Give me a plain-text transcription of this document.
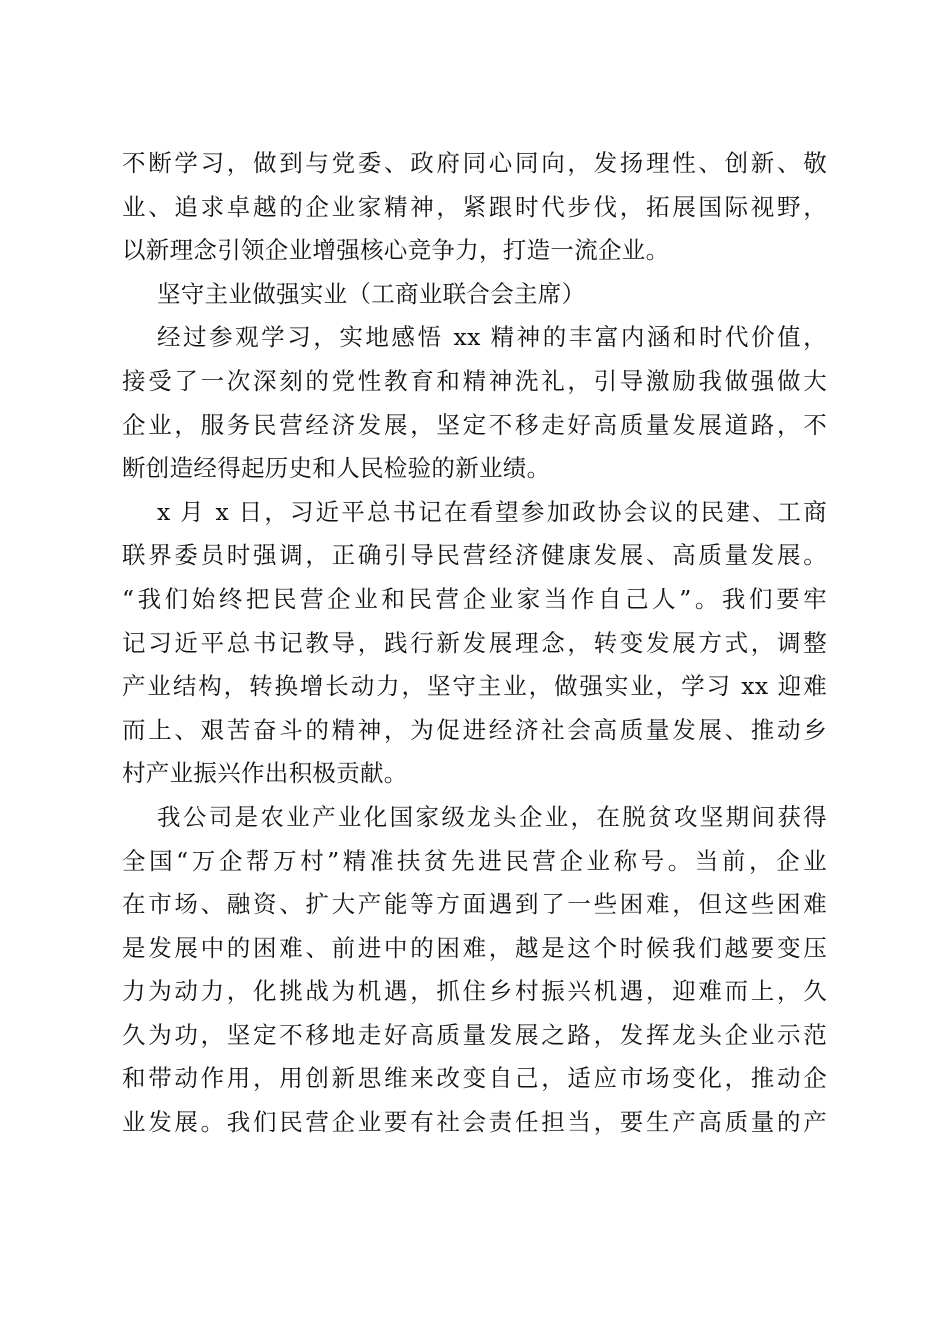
不断学习，做到与党委、政府同心同向，发扬理性、创新、敬
业、追求卓越的企业家精神，紧跟时代步伐，拓展国际视野，
以新理念引领企业增强核心竞争力，打造一流企业。
坚守主业做强实业（工商业联合会主席）
经过参观学习，实地感悟 xx 精神的丰富内涵和时代价值，
接受了一次深刻的党性教育和精神洗礼，引导激励我做强做大
企业，服务民营经济发展，坚定不移走好高质量发展道路，不
断创造经得起历史和人民检验的新业绩。
x 月 x 日，习近平总书记在看望参加政协会议的民建、工商
联界委员时强调，正确引导民营经济健康发展、高质量发展。
“我们始终把民营企业和民营企业家当作自己人”。我们要牢
记习近平总书记教导，践行新发展理念，转变发展方式，调整
产业结构，转换增长动力，坚守主业，做强实业，学习 xx 迎难
而上、艰苦奋斗的精神，为促进经济社会高质量发展、推动乡
村产业振兴作出积极贡献。
我公司是农业产业化国家级龙头企业，在脱贫攻坚期间获得
全国“万企帮万村”精准扶贫先进民营企业称号。当前，企业
在市场、融资、扩大产能等方面遇到了一些困难，但这些困难
是发展中的困难、前进中的困难，越是这个时候我们越要变压
力为动力，化挑战为机遇，抓住乡村振兴机遇，迎难而上，久
久为功，坚定不移地走好高质量发展之路，发挥龙头企业示范
和带动作用，用创新思维来改变自己，适应市场变化，推动企
业发展。我们民营企业要有社会责任担当，要生产高质量的产
